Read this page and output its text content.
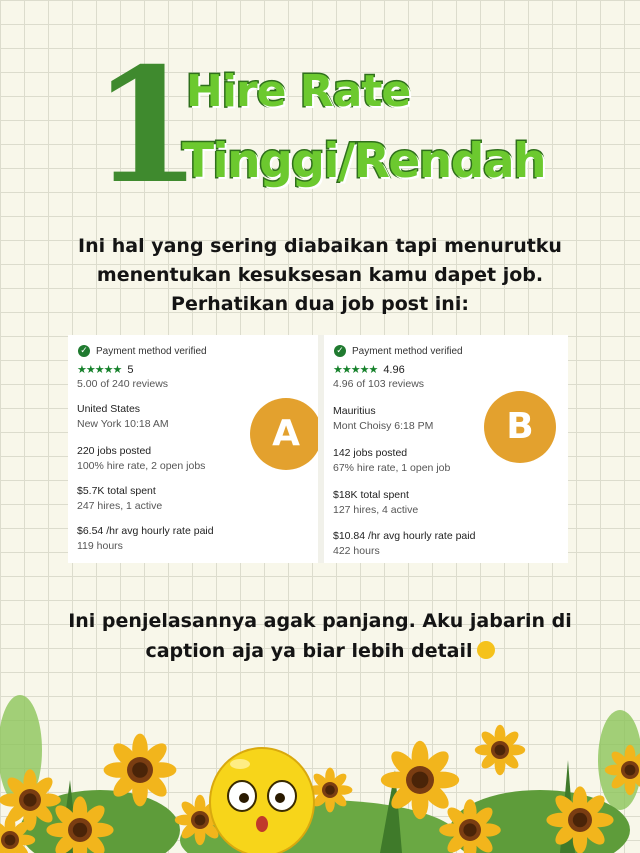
1
Hire Rate
Tinggi/Rendah
Ini hal yang sering diabaikan tapi menurutku
menentukan kesuksesan kamu dapet job.
Perhatikan dua job post ini:
✓ Payment method verified
★★★★★ 5
5.00 of 240 reviews
United States
New York 10:18 AM
220 jobs posted
100% hire rate, 2 open jobs
$5.7K total spent
247 hires, 1 active
$6.54 /hr avg hourly rate paid
119 hours
A
✓ Payment method verified
★★★★★ 4.96
4.96 of 103 reviews
Mauritius
Mont Choisy 6:18 PM
142 jobs posted
67% hire rate, 1 open job
$18K total spent
127 hires, 4 active
$10.84 /hr avg hourly rate paid
422 hours
B
Ini penjelasannya agak panjang. Aku jabarin di
caption aja ya biar lebih detail
